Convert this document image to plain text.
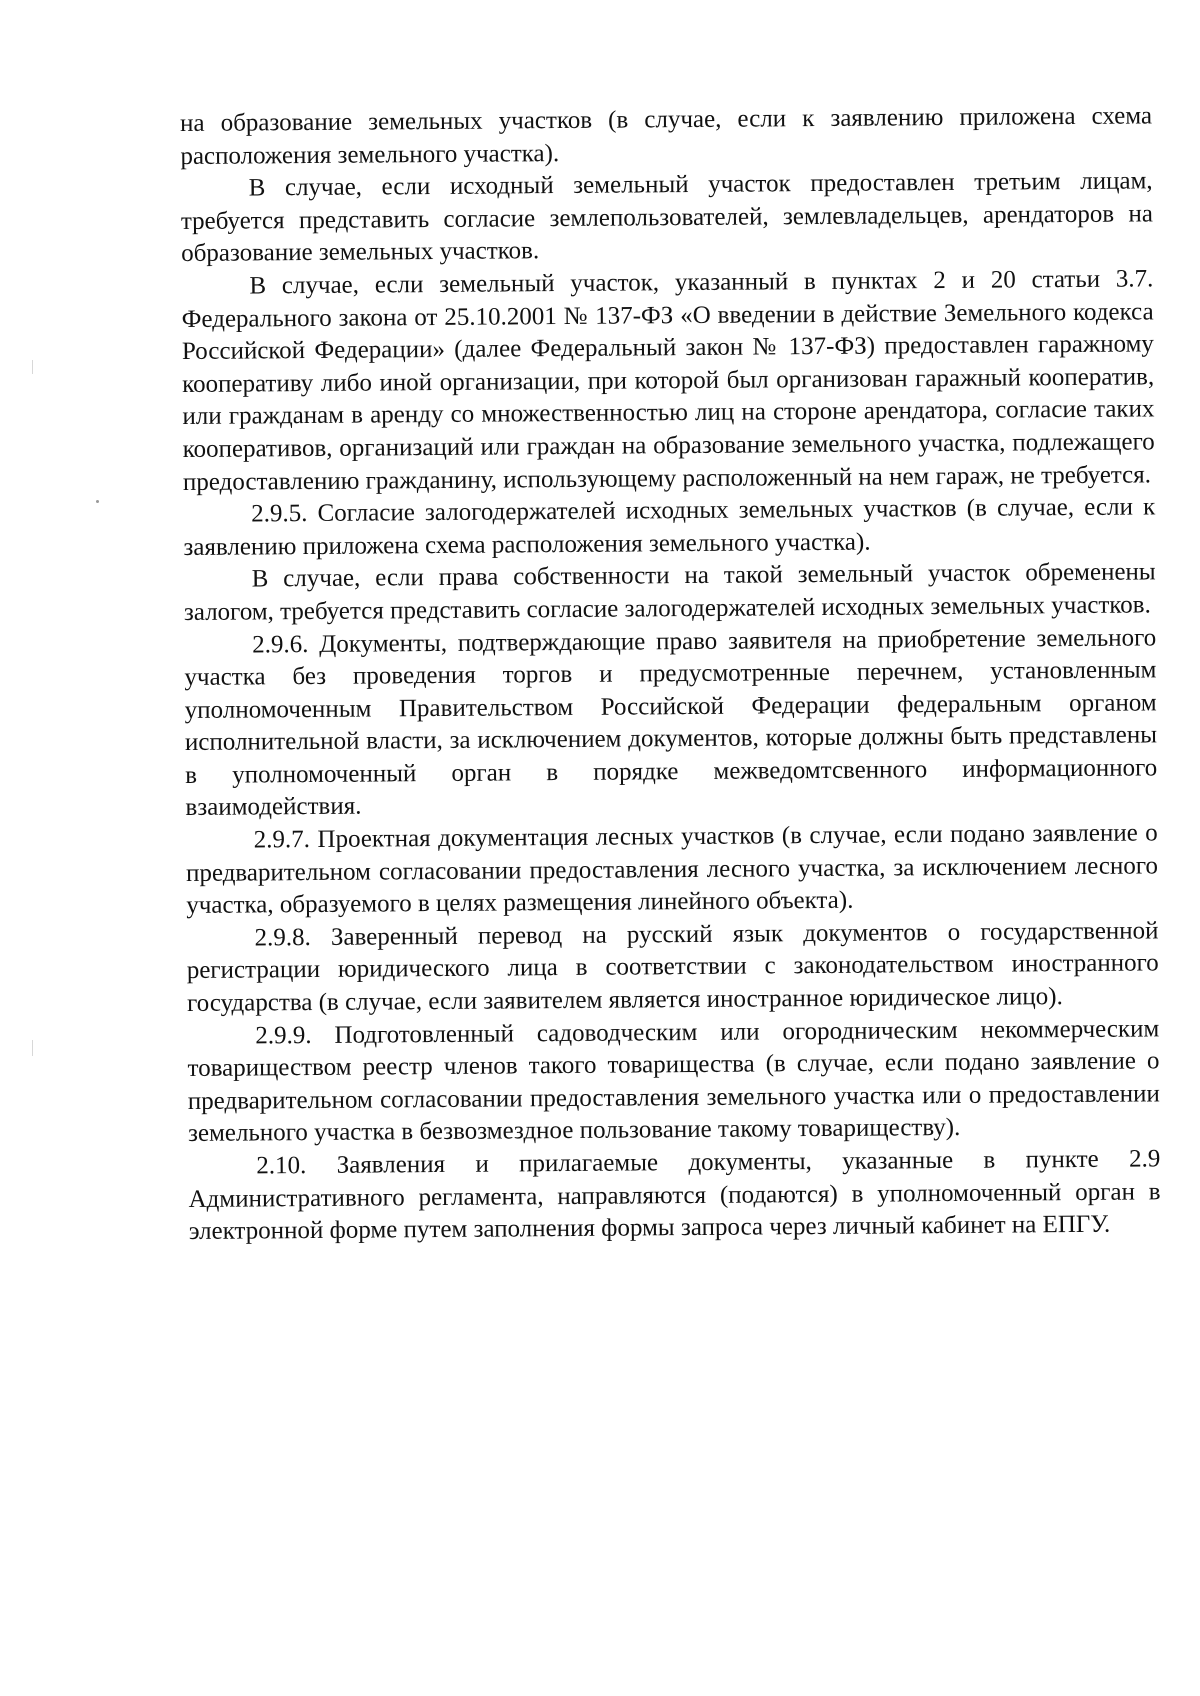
на образование земельных участков (в случае, если к заявлению приложена схема расположения земельного участка).

В случае, если исходный земельный участок предоставлен третьим лицам, требуется представить согласие землепользователей, землевладельцев, арендаторов на образование земельных участков.

В случае, если земельный участок, указанный в пунктах 2 и 20 статьи 3.7. Федерального закона от 25.10.2001 № 137-ФЗ «О введении в действие Земельного кодекса Российской Федерации» (далее Федеральный закон № 137-ФЗ) предоставлен гаражному кооперативу либо иной организации, при которой был организован гаражный кооператив, или гражданам в аренду со множественностью лиц на стороне арендатора, согласие таких кооперативов, организаций или граждан на образование земельного участка, подлежащего предоставлению гражданину, использующему расположенный на нем гараж, не требуется.

2.9.5. Согласие залогодержателей исходных земельных участков (в случае, если к заявлению приложена схема расположения земельного участка).

В случае, если права собственности на такой земельный участок обременены залогом, требуется представить согласие залогодержателей исходных земельных участков.

2.9.6. Документы, подтверждающие право заявителя на приобретение земельного участка без проведения торгов и предусмотренные перечнем, установленным уполномоченным Правительством Российской Федерации федеральным органом исполнительной власти, за исключением документов, которые должны быть представлены в уполномоченный орган в порядке межведомтсвенного информационного взаимодействия.

2.9.7. Проектная документация лесных участков (в случае, если подано заявление о предварительном согласовании предоставления лесного участка, за исключением лесного участка, образуемого в целях размещения линейного объекта).

2.9.8. Заверенный перевод на русский язык документов о государственной регистрации юридического лица в соответствии с законодательством иностранного государства (в случае, если заявителем является иностранное юридическое лицо).

2.9.9. Подготовленный садоводческим или огородническим некоммерческим товариществом реестр членов такого товарищества (в случае, если подано заявление о предварительном согласовании предоставления земельного участка или о предоставлении земельного участка в безвозмездное пользование такому товариществу).

2.10. Заявления и прилагаемые документы, указанные в пункте 2.9 Административного регламента, направляются (подаются) в уполномоченный орган в электронной форме путем заполнения формы запроса через личный кабинет на ЕПГУ.
